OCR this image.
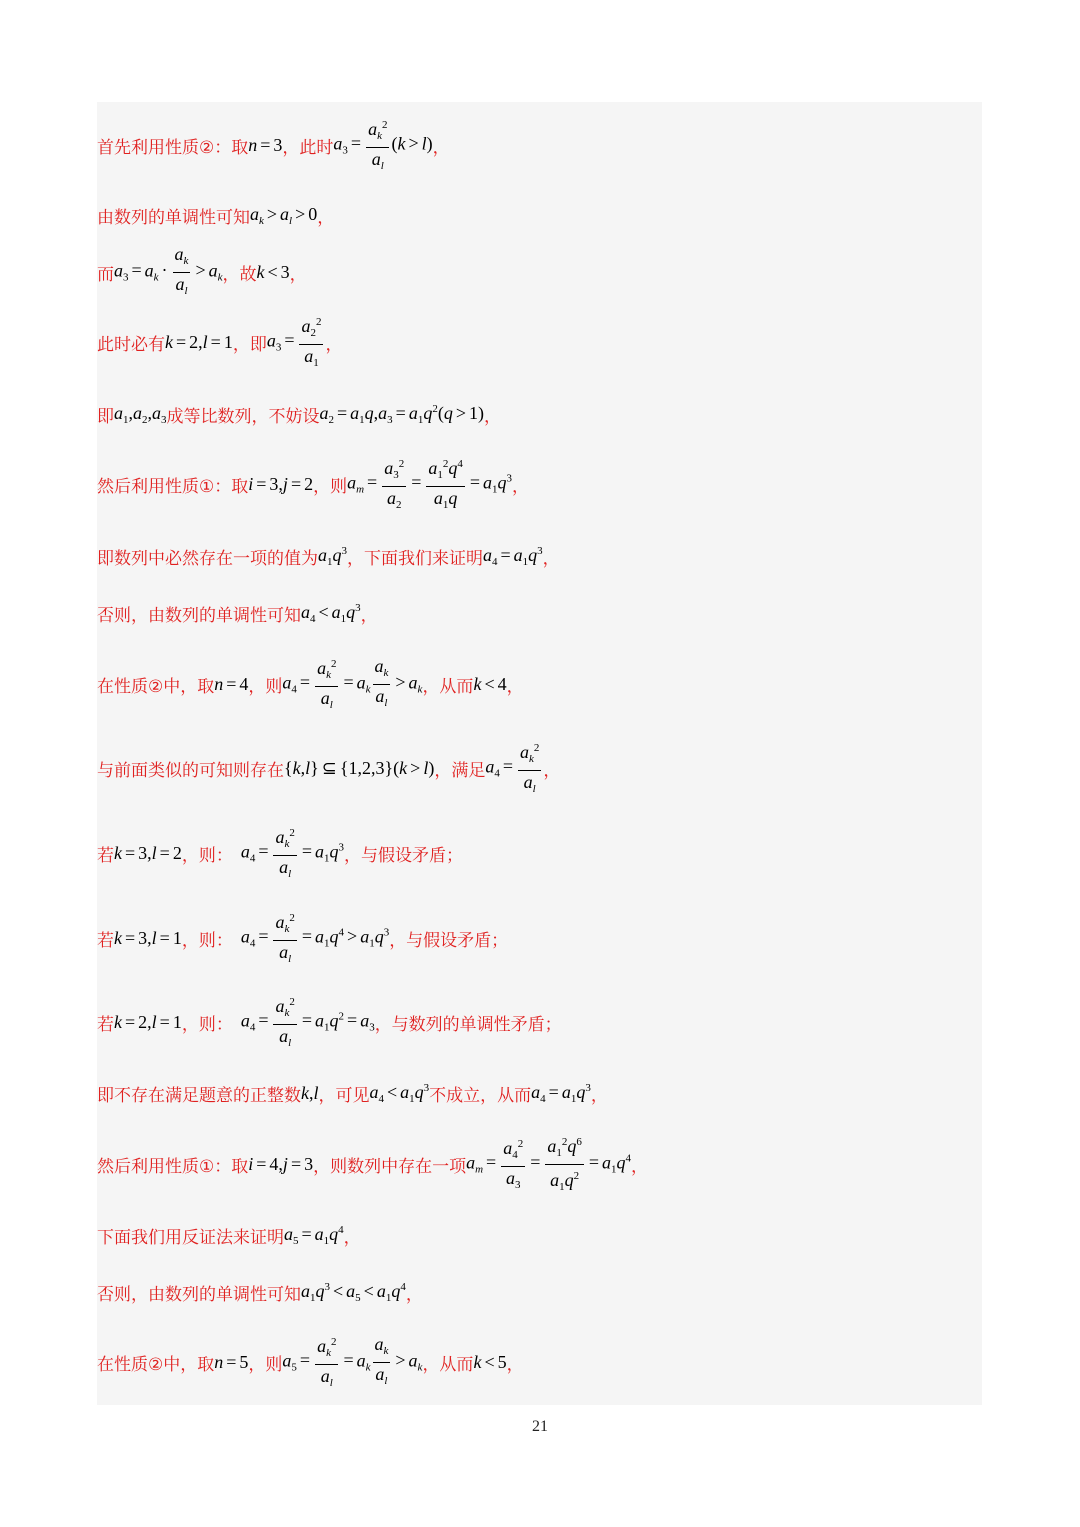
首先利用性质②：取 n = 3 ，此时 $a_3 = \frac{a_k^2}{a_l} (k > l)$ ，
由数列的单调性可知 $a_k > a_l > 0$ ，
而 $a_3 = a_k \cdot \frac{a_k}{a_l} > a_k$ ，故 k < 3 ，
此时必有 k = 2,l = 1 ，即 $a_3 = \frac{a_2^2}{a_1}$ ，
即 $a_1,a_2,a_3$ 成等比数列，不妨设 $a_2 = a_1q,a_3 = a_1q^2(q > 1)$ ，
然后利用性质①：取 i = 3,j = 2 ，则 $a_m = \frac{a_3^2}{a_2} = \frac{a_1^2q^4}{a_1q} = a_1q^3$ ，
即数列中必然存在一项的值为 $a_1q^3$ ，下面我们来证明 $a_4 = a_1q^3$ ，
否则，由数列的单调性可知 $a_4 < a_1q^3$ ，
在性质②中，取 n = 4 ，则 $a_4 = \frac{a_k^2}{a_l} = a_k \frac{a_k}{a_l} > a_k$ ，从而 k < 4 ，
与前面类似的可知则存在 {k,l} ⊆ {1,2,3}(k > l) ，满足 $a_4 = \frac{a_k^2}{a_l}$ ，
若 k = 3,l = 2 ，则： $a_4 = \frac{a_k^2}{a_l} = a_1q^3$ ，与假设矛盾；
若 k = 3,l = 1 ，则： $a_4 = \frac{a_k^2}{a_l} = a_1q^4 > a_1q^3$ ，与假设矛盾；
若 k = 2,l = 1 ，则： $a_4 = \frac{a_k^2}{a_l} = a_1q^2 = a_3$ ，与数列的单调性矛盾；
即不存在满足题意的正整数 k,l ，可见 $a_4 < a_1q^3$ 不成立，从而 $a_4 = a_1q^3$ ，
然后利用性质①：取 i = 4,j = 3 ，则数列中存在一项 $a_m = \frac{a_4^2}{a_3} = \frac{a_1^2q^6}{a_1q^2} = a_1q^4$ ，
下面我们用反证法来证明 $a_5 = a_1q^4$ ，
否则，由数列的单调性可知 $a_1q^3 < a_5 < a_1q^4$ ，
在性质②中，取 n = 5 ，则 $a_5 = \frac{a_k^2}{a_l} = a_k \frac{a_k}{a_l} > a_k$ ，从而 k < 5 ，
21
